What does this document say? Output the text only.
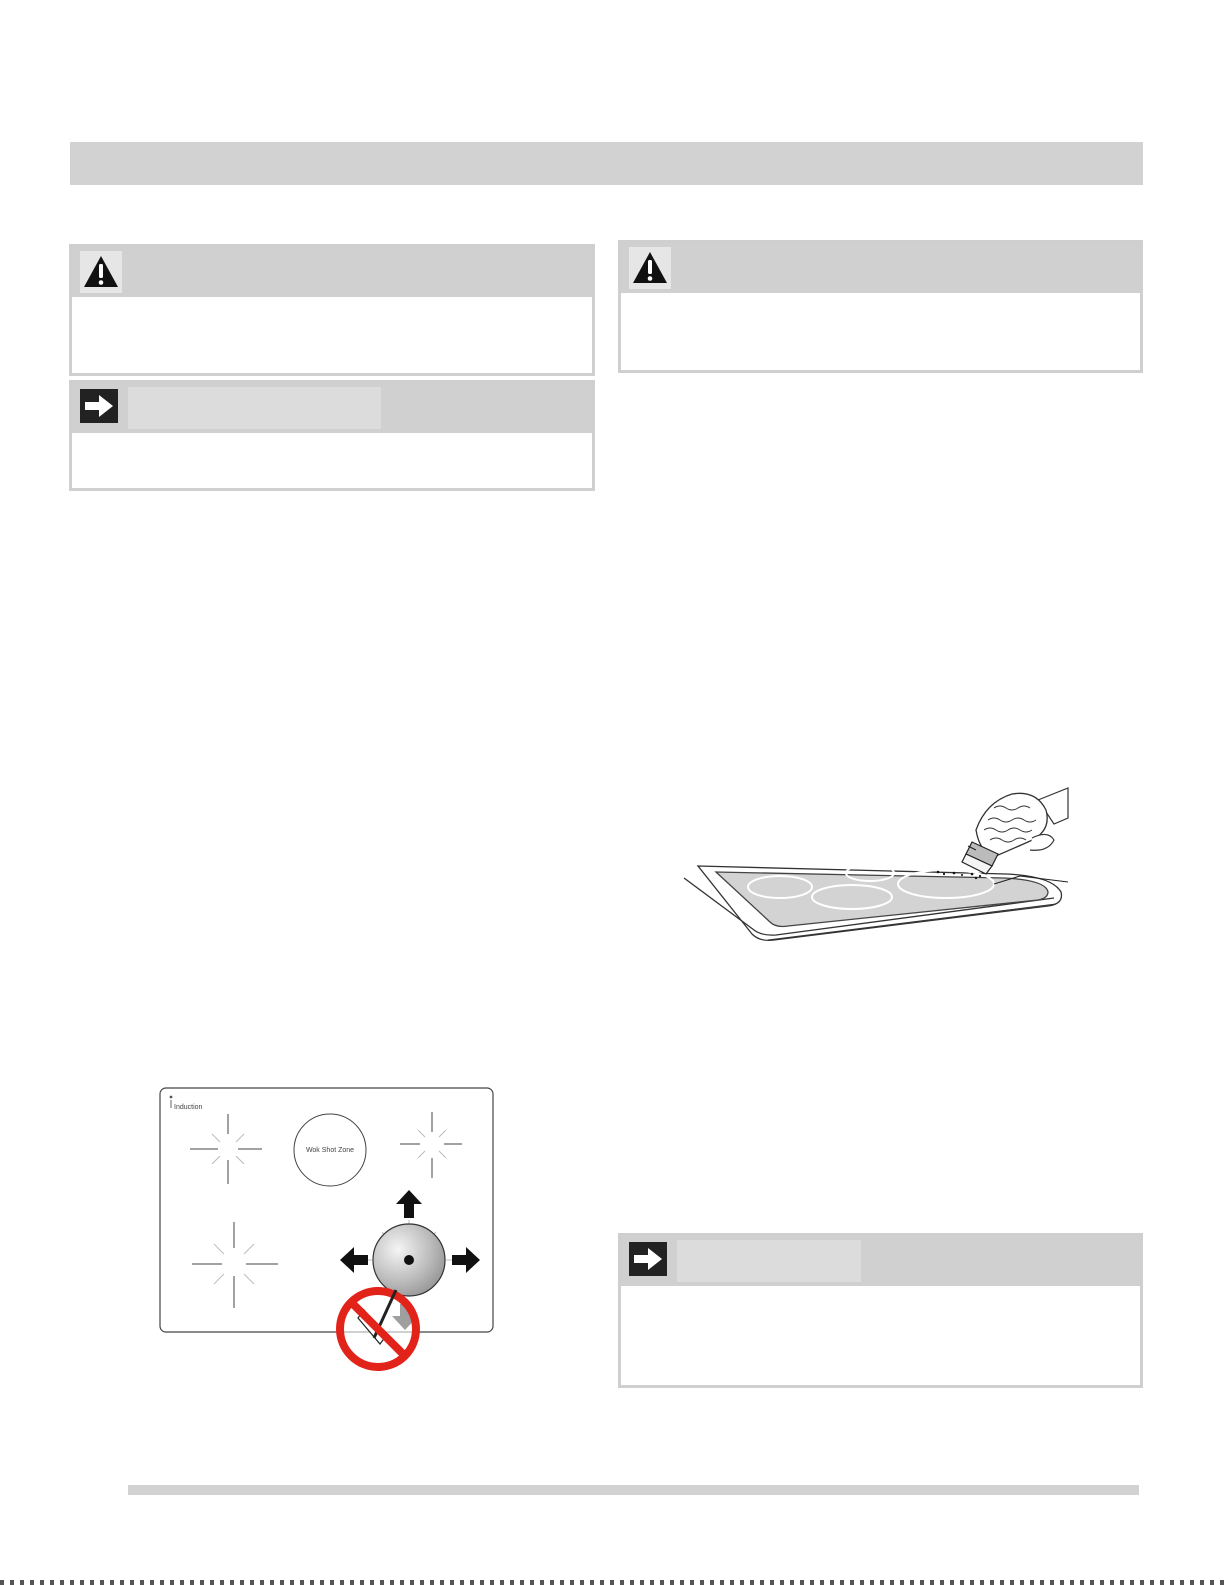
Induction
Wok Shot Zone
